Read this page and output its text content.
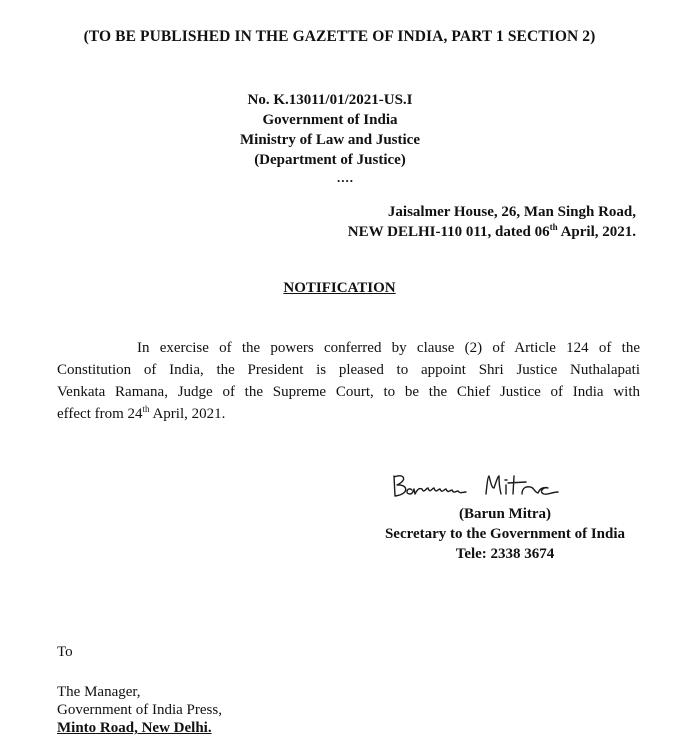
(TO BE PUBLISHED IN THE GAZETTE OF INDIA, PART 1 SECTION 2)
No. K.13011/01/2021-US.I
Government of India
Ministry of Law and Justice
(Department of Justice)
....
Jaisalmer House, 26, Man Singh Road,
NEW DELHI-110 011, dated 06th April, 2021.
NOTIFICATION
In exercise of the powers conferred by clause (2) of Article 124 of the
Constitution of India, the President is pleased to appoint Shri Justice Nuthalapati
Venkata Ramana, Judge of the Supreme Court, to be the Chief Justice of India with
effect from 24th April, 2021.
(Barun Mitra)
Secretary to the Government of India
Tele: 2338 3674
To
The Manager,
Government of India Press,
Minto Road, New Delhi.
